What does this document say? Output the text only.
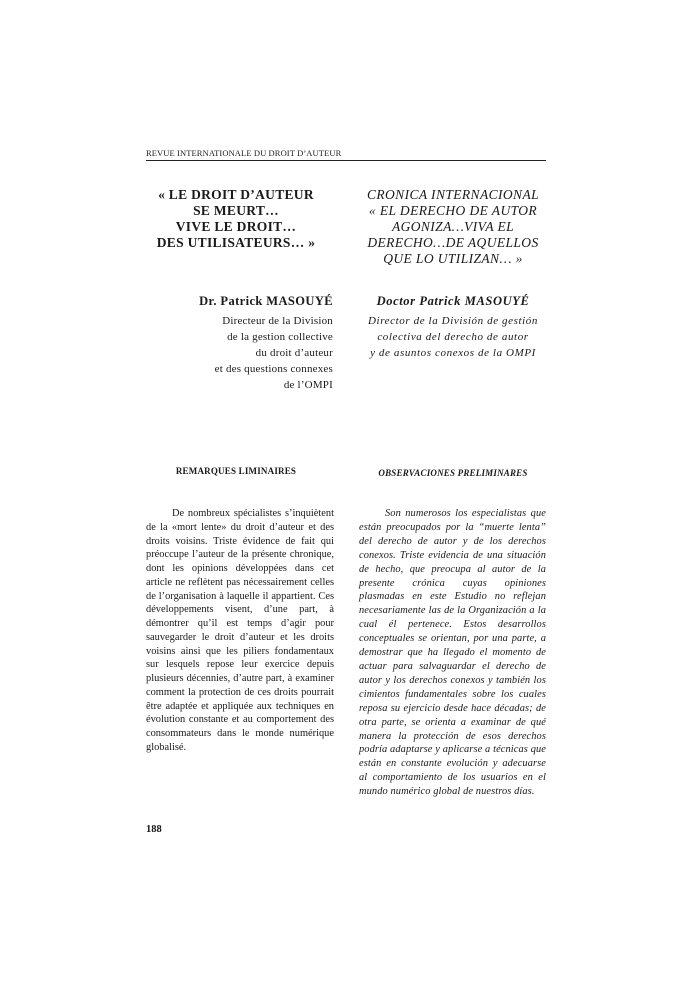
REVUE INTERNATIONALE DU DROIT D’AUTEUR
« LE DROIT D’AUTEUR
SE MEURT…
VIVE LE DROIT…
DES UTILISATEURS… »
CRONICA INTERNACIONAL
« EL DERECHO DE AUTOR
AGONIZA…VIVA EL
DERECHO…DE AQUELLOS
QUE LO UTILIZAN… »
Dr. Patrick MASOUYÉ
Directeur de la Division
de la gestion collective
du droit d’auteur
et des questions connexes
de l’OMPI
Doctor Patrick MASOUYÉ
Director de la División de gestión
colectiva del derecho de autor
y de asuntos conexos de la OMPI
REMARQUES LIMINAIRES	OBSERVACIONES PRELIMINARES

De nombreux spécialistes s’inquiètent de la «mort lente» du droit d’auteur et des droits voisins. Triste évidence de fait qui préoccupe l’auteur de la présente chronique, dont les opinions développées dans cet article ne reflètent pas nécessairement celles de l’organisation à laquelle il appartient. Ces développements visent, d’une part, à démontrer qu’il est temps d’agir pour sauvegarder le droit d’auteur et les droits voisins ainsi que les piliers fondamentaux sur lesquels repose leur exercice depuis plusieurs décennies, d’autre part, à examiner comment la protection de ces droits pourrait être adaptée et appliquée aux techniques en évolution constante et au comportement des consommateurs dans le monde numérique globalisé.

Son numerosos los especialistas que están preocupados por la “muerte lenta” del derecho de autor y de los derechos conexos. Triste evidencia de una situación de hecho, que preocupa al autor de la presente crónica cuyas opiniones plasmadas en este Estudio no reflejan necesariamente las de la Organización a la cual él pertenece. Estos desarrollos conceptuales se orientan, por una parte, a demostrar que ha llegado el momento de actuar para salvaguardar el derecho de autor y los derechos conexos y también los cimientos fundamentales sobre los cuales reposa su ejercicio desde hace décadas; de otra parte, se orienta a examinar de qué manera la protección de esos derechos podría adaptarse y aplicarse a técnicas que están en constante evolución y adecuarse al comportamiento de los usuarios en el mundo numérico global de nuestros días.

188
